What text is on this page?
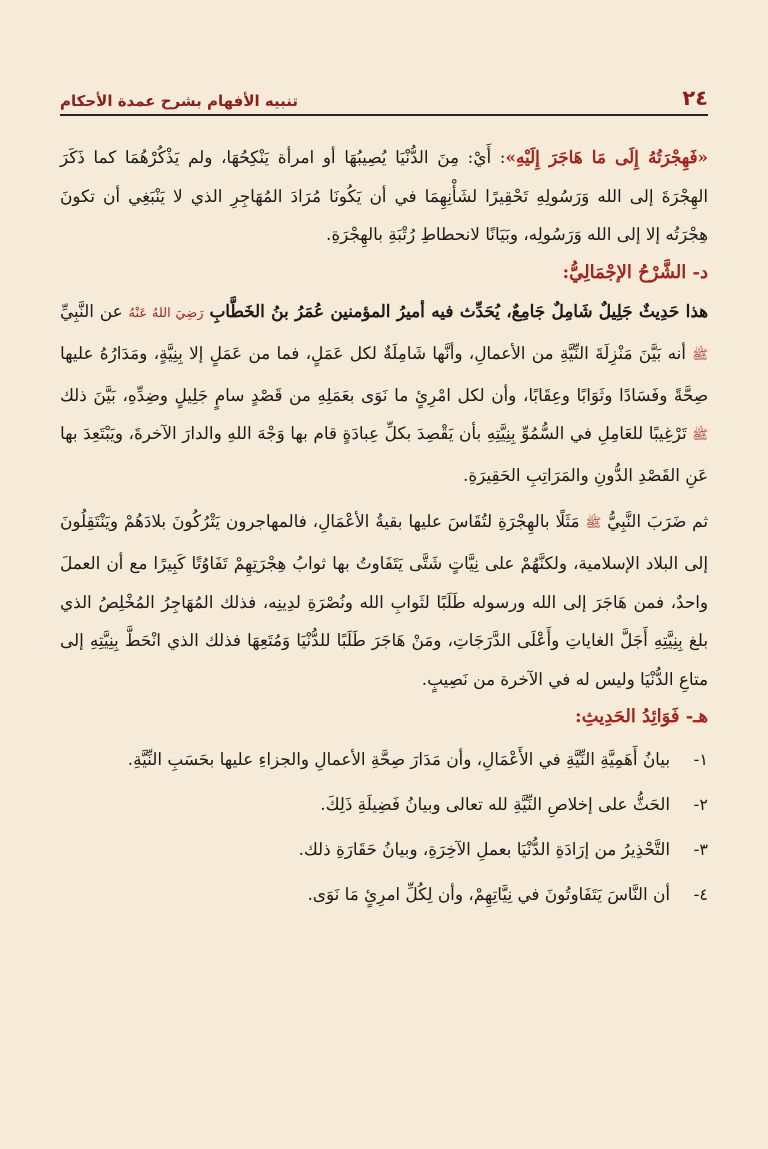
٢٤
تنبيه الأفهام بشرح عمدة الأحكام

«فَهِجْرَتُهُ إِلَى مَا هَاجَرَ إِلَيْهِ»: أَيْ: مِنَ الدُّنْيَا يُصِيبُهَا أو امرأة يَنْكِحُهَا، ولم يَذْكُرْهُمَا كما ذَكَرَ الهِجْرَةَ إلى الله وَرَسُولِهِ تَحْقِيرًا لشَأْنِهِمَا في أن يَكُونَا مُرَادَ المُهَاجِرِ الذي لا يَنْبَغِي أن تكونَ هِجْرَتُه إلا إلى الله وَرَسُولِه، وبَيَانًا لانحطاطِ رُتْبَةِ بالهِجْرَةِ.

د- الشَّرْحُ الإجْمَالِيُّ:

هذا حَدِيثٌ جَلِيلٌ شَامِلٌ جَامِعٌ، يُحَدِّث فيه أميرُ المؤمنين عُمَرُ بنُ الخَطَّابِ رَضِيَ اللهُ عَنْهُ عن النَّبِيِّ ﷺ أنه بَيَّنَ مَنْزِلَةَ النِّيَّةِ من الأعمالِ، وأنَّها شَامِلَةٌ لكل عَمَلٍ، فما من عَمَلٍ إلا بِنِيَّةٍ، ومَدَارُهُ عليها صِحَّةً وفَسَادًا وثَوَابًا وعِقَابًا، وأن لكل امْرِئٍ ما نَوَى بعَمَلِهِ من قَصْدٍ سامٍ جَلِيلٍ وضِدِّهِ، بَيَّنَ ذلك ﷺ تَرْغِيبًا للعَامِلِ في السُّمُوِّ بِنِيَّتِهِ بأن يَقْصِدَ بكلِّ عِبادَةٍ قام بها وَجْهَ اللهِ والدارَ الآخرةَ، ويَبْتَعِدَ بها عَنِ القَصْدِ الدُّونِ والمَرَاتِبِ الحَقِيرَةِ.

ثم ضَرَبَ النَّبِيُّ ﷺ مَثَلًا بالهِجْرَةِ لتُقَاسَ عليها بقيةُ الأعْمَالِ، فالمهاجرون يَتْرُكُونَ بلادَهُمْ ويَنْتَقِلُونَ إلى البلاد الإسلامية، ولكنَّهُمْ على نِيَّاتٍ شَتَّى يَتَفَاوتُ بها ثوابُ هِجْرَتِهِمْ تَفَاوُتًا كَبِيرًا مع أن العملَ واحدٌ، فمن هَاجَرَ إلى الله ورسوله طَلَبًا لثَوابِ الله ونُصْرَةِ لدِينِه، فذلك المُهَاجِرُ المُخْلِصُ الذي بلغ بِنِيَّتِهِ أَجَلَّ الغاياتِ وأَعْلَى الدَّرَجَاتِ، ومَنْ هَاجَرَ طَلَبًا للدُّنْيَا وَمُتَعِهَا فذلك الذي انْحَطَّ بِنِيَّتِهِ إلى متاعِ الدُّنْيَا وليس له في الآخرة من نَصِيبٍ.

هـ- فَوَائِدُ الحَدِيثِ:
١-
بيانُ أَهَمِيَّةِ النِّيَّةِ في الأَعْمَالِ، وأن مَدَارَ صِحَّةِ الأعمالِ والجزاءِ عليها بحَسَبِ النِّيَّةِ.
٢-
الحَثُّ على إخلاصِ النِّيَّةِ لله تعالى وبيانُ فَضِيلَةِ ذَلِكَ.
٣-
التَّحْذِيرُ من إرَادَةِ الدُّنْيَا بعملِ الآخِرَةِ، وبيانُ حَقَارَةِ ذلك.
٤-
أن النَّاسَ يَتَفَاوتُونَ في نِيَّاتِهِمْ، وأن لِكُلِّ امرِئٍ مَا نَوَى.
